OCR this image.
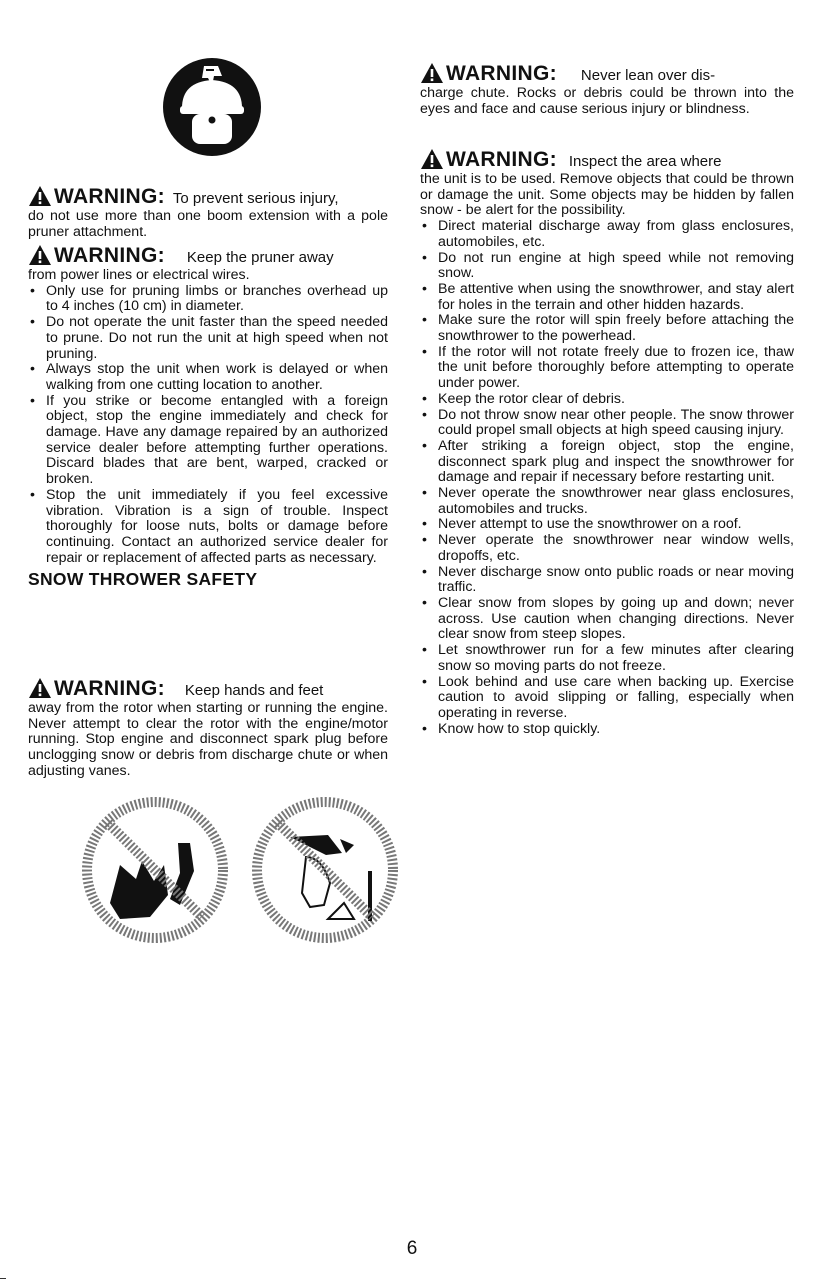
WARNING: To prevent serious injury,

do not use more than one boom extension with a pole pruner attachment.

WARNING: Keep the pruner away

from power lines or electrical wires.

• Only use for pruning limbs or branches overhead up to 4 inches (10 cm) in diameter.
• Do not operate the unit faster than the speed needed to prune. Do not run the unit at high speed when not pruning.
• Always stop the unit when work is delayed or when walking from one cutting location to another.
• If you strike or become entangled with a foreign object, stop the engine immediately and check for damage. Have any damage repaired by an authorized service dealer before attempting further operations. Discard blades that are bent, warped, cracked or broken.
• Stop the unit immediately if you feel excessive vibration. Vibration is a sign of trouble. Inspect thoroughly for loose nuts, bolts or damage before continuing. Contact an authorized service dealer for repair or replacement of affected parts as necessary.
SNOW THROWER SAFETY
WARNING: Keep hands and feet

away from the rotor when starting or running the engine. Never attempt to clear the rotor with the engine/motor running. Stop engine and disconnect spark plug before unclogging snow or debris from discharge chute or when adjusting vanes.

WARNING: Never lean over dis-

charge chute. Rocks or debris could be thrown into the eyes and face and cause serious injury or blindness.

WARNING: Inspect the area where

the unit is to be used. Remove objects that could be thrown or damage the unit. Some objects may be hidden by fallen snow - be alert for the possibility.

• Direct material discharge away from glass enclosures, automobiles, etc.
• Do not run engine at high speed while not removing snow.
• Be attentive when using the snowthrower, and stay alert for holes in the terrain and other hidden hazards.
• Make sure the rotor will spin freely before attaching the snowthrower to the powerhead.
• If the rotor will not rotate freely due to frozen ice, thaw the unit before thoroughly before attempting to operate under power.
• Keep the rotor clear of debris.
• Do not throw snow near other people. The snow thrower could propel small objects at high speed causing injury.
• After striking a foreign object, stop the engine, disconnect spark plug and inspect the snowthrower for damage and repair if necessary before restarting unit.
• Never operate the snowthrower near glass enclosures, automobiles and trucks.
• Never attempt to use the snowthrower on a roof.
• Never operate the snowthrower near window wells, dropoffs, etc.
• Never discharge snow onto public roads or near moving traffic.
• Clear snow from slopes by going up and down; never across. Use caution when changing directions. Never clear snow from steep slopes.
• Let snowthrower run for a few minutes after clearing snow so moving parts do not freeze.
• Look behind and use care when backing up. Exercise caution to avoid slipping or falling, especially when operating in reverse.
• Know how to stop quickly.
6
